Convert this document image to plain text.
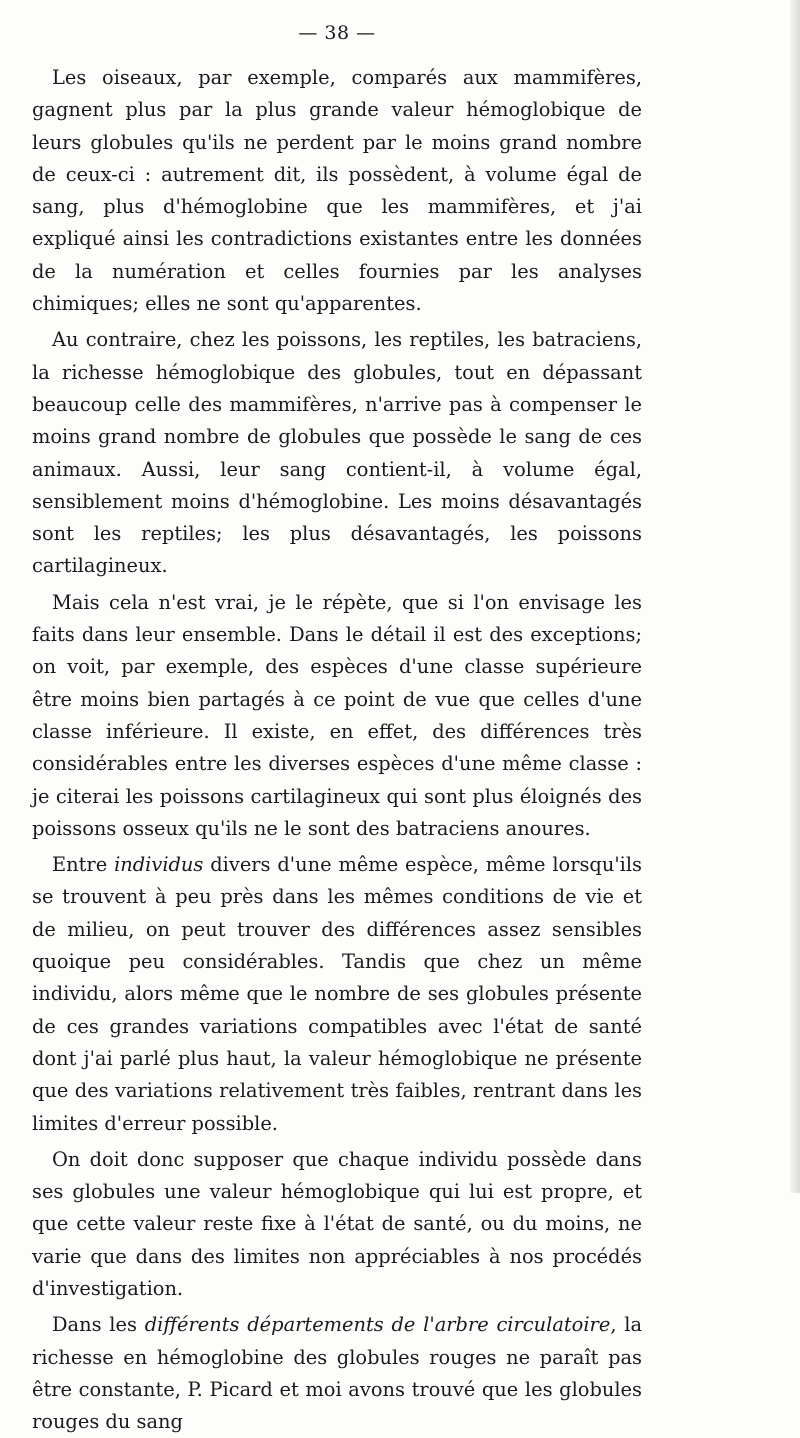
— 38 —

Les oiseaux, par exemple, comparés aux mammifères, gagnent plus par la plus grande valeur hémoglobique de leurs globules qu'ils ne perdent par le moins grand nombre de ceux-ci : autrement dit, ils possèdent, à volume égal de sang, plus d'hémoglobine que les mammifères, et j'ai expliqué ainsi les contradictions existantes entre les données de la numération et celles fournies par les analyses chimiques; elles ne sont qu'apparentes.

Au contraire, chez les poissons, les reptiles, les batraciens, la richesse hémoglobique des globules, tout en dépassant beaucoup celle des mammifères, n'arrive pas à compenser le moins grand nombre de globules que possède le sang de ces animaux. Aussi, leur sang contient-il, à volume égal, sensiblement moins d'hémoglobine. Les moins désavantagés sont les reptiles; les plus désavantagés, les poissons cartilagineux.

Mais cela n'est vrai, je le répète, que si l'on envisage les faits dans leur ensemble. Dans le détail il est des exceptions; on voit, par exemple, des espèces d'une classe supérieure être moins bien partagés à ce point de vue que celles d'une classe inférieure. Il existe, en effet, des différences très considérables entre les diverses espèces d'une même classe : je citerai les poissons cartilagineux qui sont plus éloignés des poissons osseux qu'ils ne le sont des batraciens anoures.

Entre individus divers d'une même espèce, même lorsqu'ils se trouvent à peu près dans les mêmes conditions de vie et de milieu, on peut trouver des différences assez sensibles quoique peu considérables. Tandis que chez un même individu, alors même que le nombre de ses globules présente de ces grandes variations compatibles avec l'état de santé dont j'ai parlé plus haut, la valeur hémoglobique ne présente que des variations relativement très faibles, rentrant dans les limites d'erreur possible.

On doit donc supposer que chaque individu possède dans ses globules une valeur hémoglobique qui lui est propre, et que cette valeur reste fixe à l'état de santé, ou du moins, ne varie que dans des limites non appréciables à nos procédés d'investigation.

Dans les différents départements de l'arbre circulatoire, la richesse en hémoglobine des globules rouges ne paraît pas être constante, P. Picard et moi avons trouvé que les globules rouges du sang
